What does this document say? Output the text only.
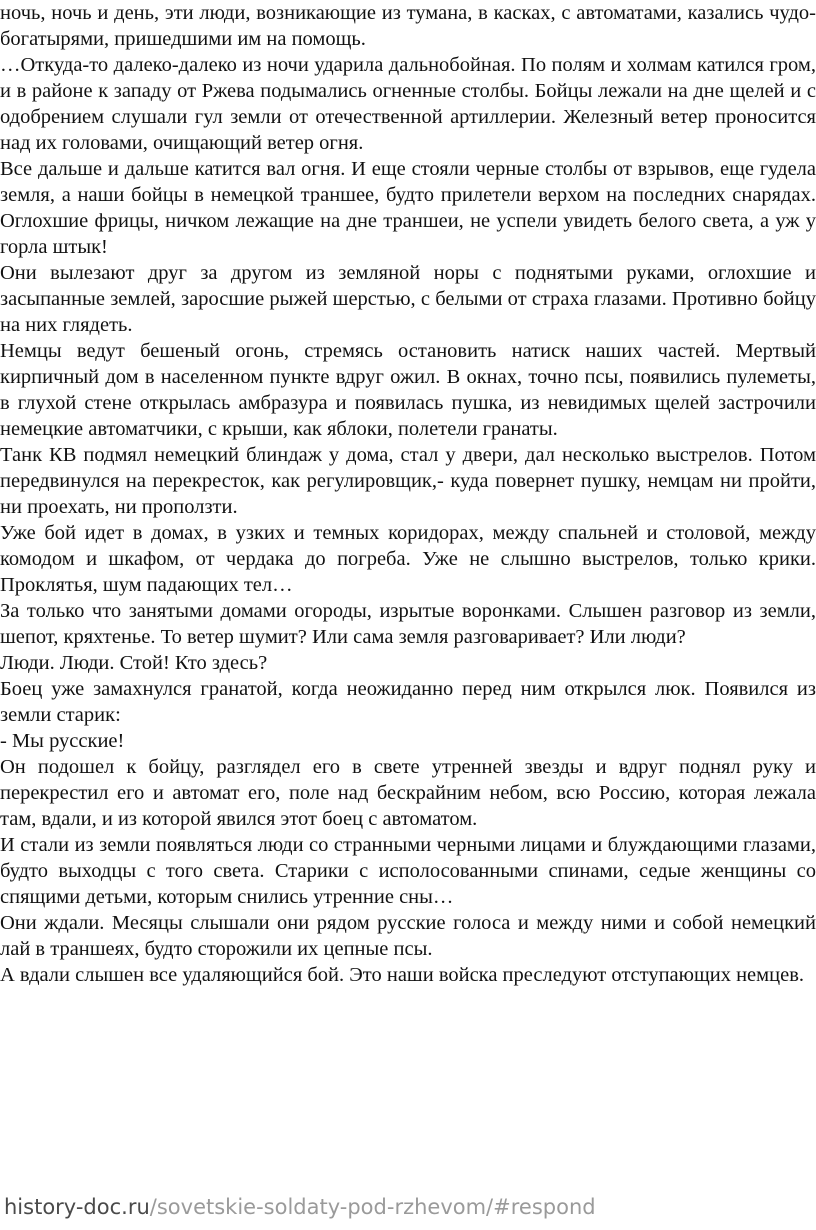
ночь, ночь и день, эти люди, возникающие из тумана, в касках, с автоматами, казались чудо-богатырями, пришедшими им на помощь.

…Откуда-то далеко-далеко из ночи ударила дальнобойная. По полям и холмам катился гром, и в районе к западу от Ржева подымались огненные столбы. Бойцы лежали на дне щелей и с одобрением слушали гул земли от отечественной артиллерии. Железный ветер проносится над их головами, очищающий ветер огня.

Все дальше и дальше катится вал огня. И еще стояли черные столбы от взрывов, еще гудела земля, а наши бойцы в немецкой траншее, будто прилетели верхом на последних снарядах. Оглохшие фрицы, ничком лежащие на дне траншеи, не успели увидеть белого света, а уж у горла штык!

Они вылезают друг за другом из земляной норы с поднятыми руками, оглохшие и засыпанные землей, заросшие рыжей шерстью, с белыми от страха глазами. Противно бойцу на них глядеть.

Немцы ведут бешеный огонь, стремясь остановить натиск наших частей. Мертвый кирпичный дом в населенном пункте вдруг ожил. В окнах, точно псы, появились пулеметы, в глухой стене открылась амбразура и появилась пушка, из невидимых щелей застрочили немецкие автоматчики, с крыши, как яблоки, полетели гранаты.

Танк КВ подмял немецкий блиндаж у дома, стал у двери, дал несколько выстрелов. Потом передвинулся на перекресток, как регулировщик,- куда повернет пушку, немцам ни пройти, ни проехать, ни проползти.

Уже бой идет в домах, в узких и темных коридорах, между спальней и столовой, между комодом и шкафом, от чердака до погреба. Уже не слышно выстрелов, только крики. Проклятья, шум падающих тел…

За только что занятыми домами огороды, изрытые воронками. Слышен разговор из земли, шепот, кряхтенье. То ветер шумит? Или сама земля разговаривает? Или люди?

Люди. Люди. Стой! Кто здесь?

Боец уже замахнулся гранатой, когда неожиданно перед ним открылся люк. Появился из земли старик:

- Мы русские!

Он подошел к бойцу, разглядел его в свете утренней звезды и вдруг поднял руку и перекрестил его и автомат его, поле над бескрайним небом, всю Россию, которая лежала там, вдали, и из которой явился этот боец с автоматом.

И стали из земли появляться люди со странными черными лицами и блуждающими глазами, будто выходцы с того света. Старики с исполосованными спинами, седые женщины со спящими детьми, которым снились утренние сны…

Они ждали. Месяцы слышали они рядом русские голоса и между ними и собой немецкий лай в траншеях, будто сторожили их цепные псы.

А вдали слышен все удаляющийся бой. Это наши войска преследуют отступающих немцев.

history-doc.ru/sovetskie-soldaty-pod-rzhevom/#respond
